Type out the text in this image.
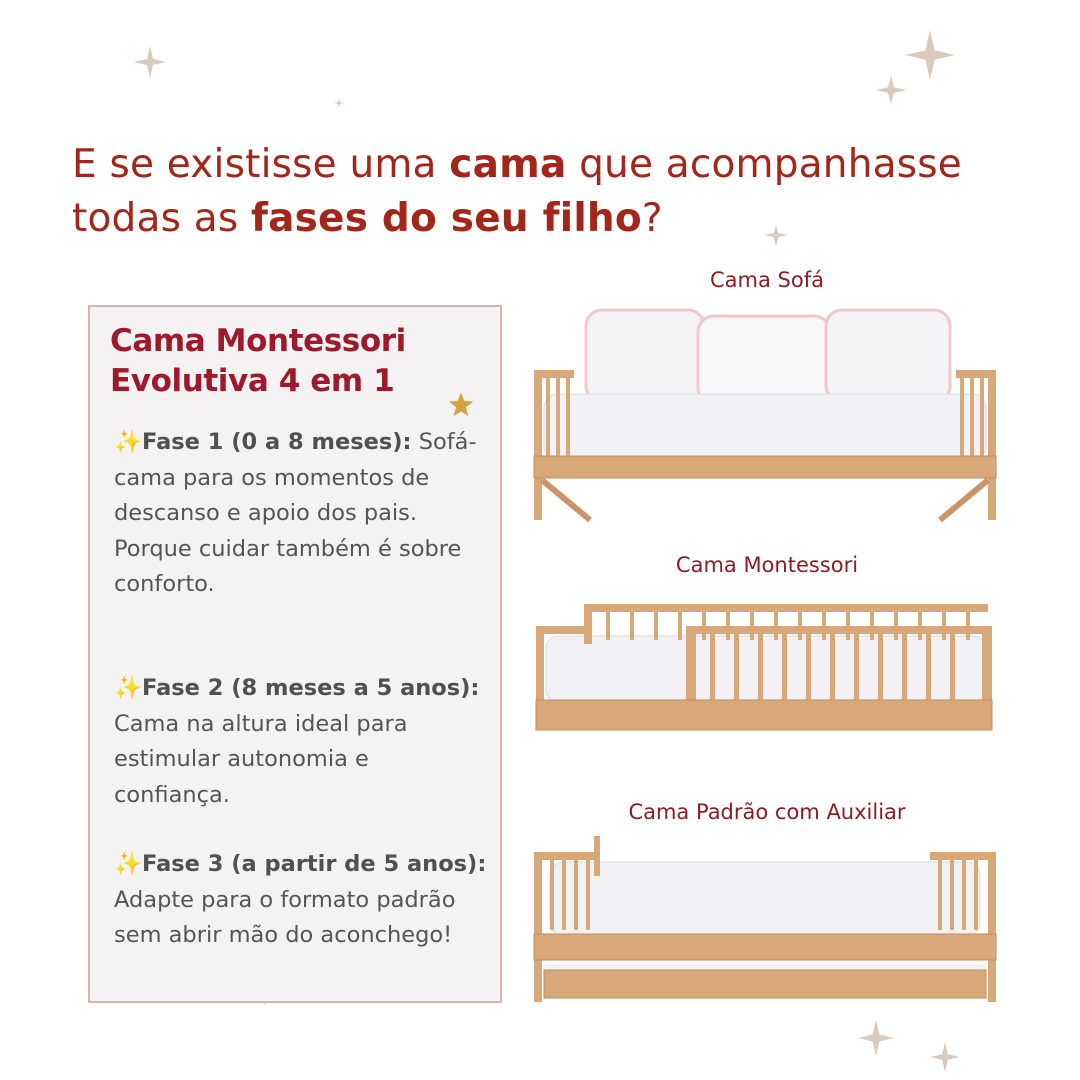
E se existisse uma cama que acompanhasse
todas as fases do seu filho?
Cama Montessori Evolutiva 4 em 1
✨Fase 1 (0 a 8 meses): Sofá-cama para os momentos de descanso e apoio dos pais. Porque cuidar também é sobre conforto.
✨Fase 2 (8 meses a 5 anos): Cama na altura ideal para estimular autonomia e confiança.
✨Fase 3 (a partir de 5 anos): Adapte para o formato padrão sem abrir mão do aconchego!
Cama Sofá
Cama Montessori
Cama Padrão com Auxiliar
